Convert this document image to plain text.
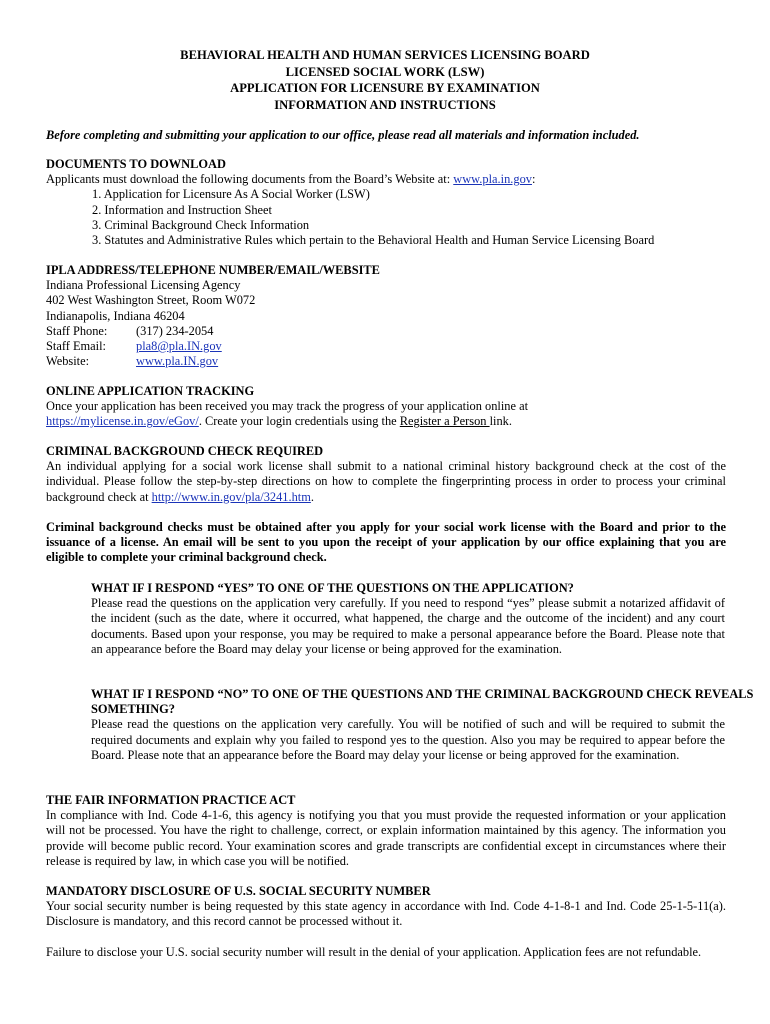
BEHAVIORAL HEALTH AND HUMAN SERVICES LICENSING BOARD
LICENSED SOCIAL WORK (LSW)
APPLICATION FOR LICENSURE BY EXAMINATION
INFORMATION AND INSTRUCTIONS
Before completing and submitting your application to our office, please read all materials and information included.
DOCUMENTS TO DOWNLOAD
Applicants must download the following documents from the Board’s Website at: www.pla.in.gov:
1. Application for Licensure As A Social Worker (LSW)
2. Information and Instruction Sheet
3. Criminal Background Check Information
3. Statutes and Administrative Rules which pertain to the Behavioral Health and Human Service Licensing Board
IPLA ADDRESS/TELEPHONE NUMBER/EMAIL/WEBSITE
Indiana Professional Licensing Agency
402 West Washington Street, Room W072
Indianapolis, Indiana 46204
Staff Phone:	(317) 234-2054
Staff Email:	pla8@pla.IN.gov
Website:	www.pla.IN.gov
ONLINE APPLICATION TRACKING
Once your application has been received you may track the progress of your application online at
https://mylicense.in.gov/eGov/. Create your login credentials using the Register a Person link.
CRIMINAL BACKGROUND CHECK REQUIRED
An individual applying for a social work license shall submit to a national criminal history background check at the cost of the individual. Please follow the step-by-step directions on how to complete the fingerprinting process in order to process your criminal background check at http://www.in.gov/pla/3241.htm.
Criminal background checks must be obtained after you apply for your social work license with the Board and prior to the issuance of a license. An email will be sent to you upon the receipt of your application by our office explaining that you are eligible to complete your criminal background check.
WHAT IF I RESPOND “YES” TO ONE OF THE QUESTIONS ON THE APPLICATION?
Please read the questions on the application very carefully. If you need to respond “yes” please submit a notarized affidavit of the incident (such as the date, where it occurred, what happened, the charge and the outcome of the incident) and any court documents. Based upon your response, you may be required to make a personal appearance before the Board. Please note that an appearance before the Board may delay your license or being approved for the examination.
WHAT IF I RESPOND “NO” TO ONE OF THE QUESTIONS AND THE CRIMINAL BACKGROUND CHECK REVEALS
SOMETHING?
Please read the questions on the application very carefully. You will be notified of such and will be required to submit the required documents and explain why you failed to respond yes to the question. Also you may be required to appear before the Board. Please note that an appearance before the Board may delay your license or being approved for the examination.
THE FAIR INFORMATION PRACTICE ACT
In compliance with Ind. Code 4-1-6, this agency is notifying you that you must provide the requested information or your application will not be processed. You have the right to challenge, correct, or explain information maintained by this agency. The information you provide will become public record. Your examination scores and grade transcripts are confidential except in circumstances where their release is required by law, in which case you will be notified.
MANDATORY DISCLOSURE OF U.S. SOCIAL SECURITY NUMBER
Your social security number is being requested by this state agency in accordance with Ind. Code 4-1-8-1 and Ind. Code 25-1-5-11(a). Disclosure is mandatory, and this record cannot be processed without it.
Failure to disclose your U.S. social security number will result in the denial of your application. Application fees are not refundable.
